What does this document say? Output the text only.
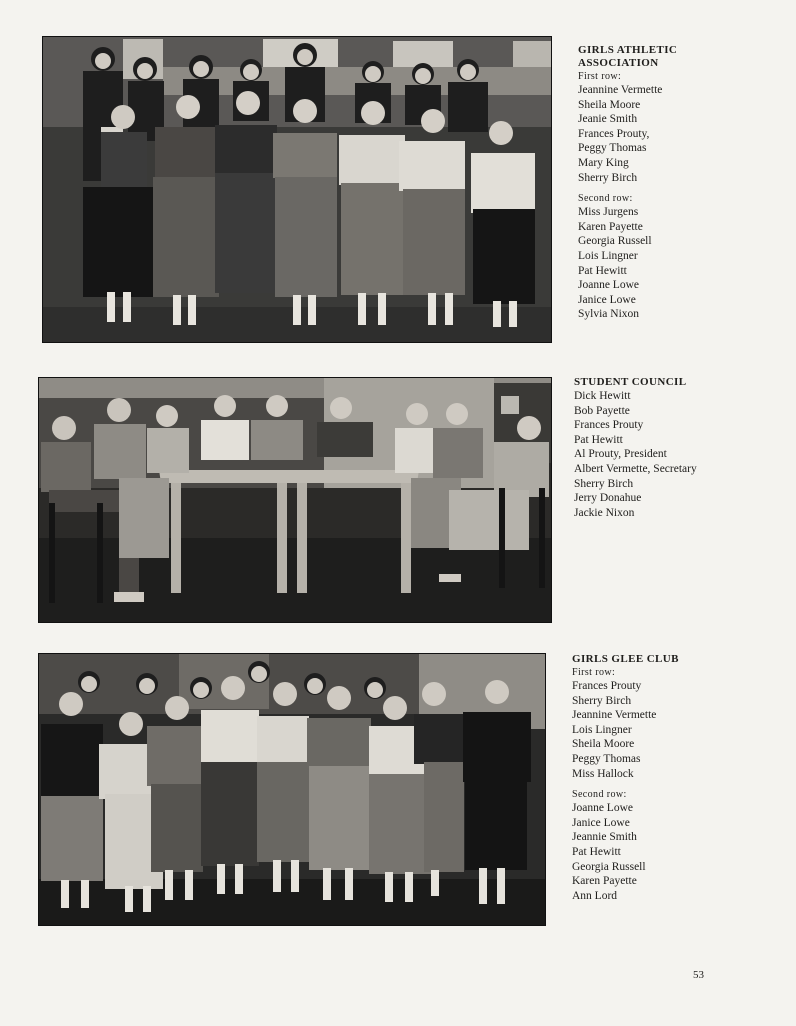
GIRLS ATHLETIC
ASSOCIATION
First row:
Jeannine Vermette
Sheila Moore
Jeanie Smith
Frances Prouty,
Peggy Thomas
Mary King
Sherry Birch
Second row:
Miss Jurgens
Karen Payette
Georgia Russell
Lois Lingner
Pat Hewitt
Joanne Lowe
Janice Lowe
Sylvia Nixon
STUDENT COUNCIL
Dick Hewitt
Bob Payette
Frances Prouty
Pat Hewitt
Al Prouty, President
Albert Vermette, Secretary
Sherry Birch
Jerry Donahue
Jackie Nixon
GIRLS GLEE CLUB
First row:
Frances Prouty
Sherry Birch
Jeannine Vermette
Lois Lingner
Sheila Moore
Peggy Thomas
Miss Hallock
Second row:
Joanne Lowe
Janice Lowe
Jeannie Smith
Pat Hewitt
Georgia Russell
Karen Payette
Ann Lord
53
